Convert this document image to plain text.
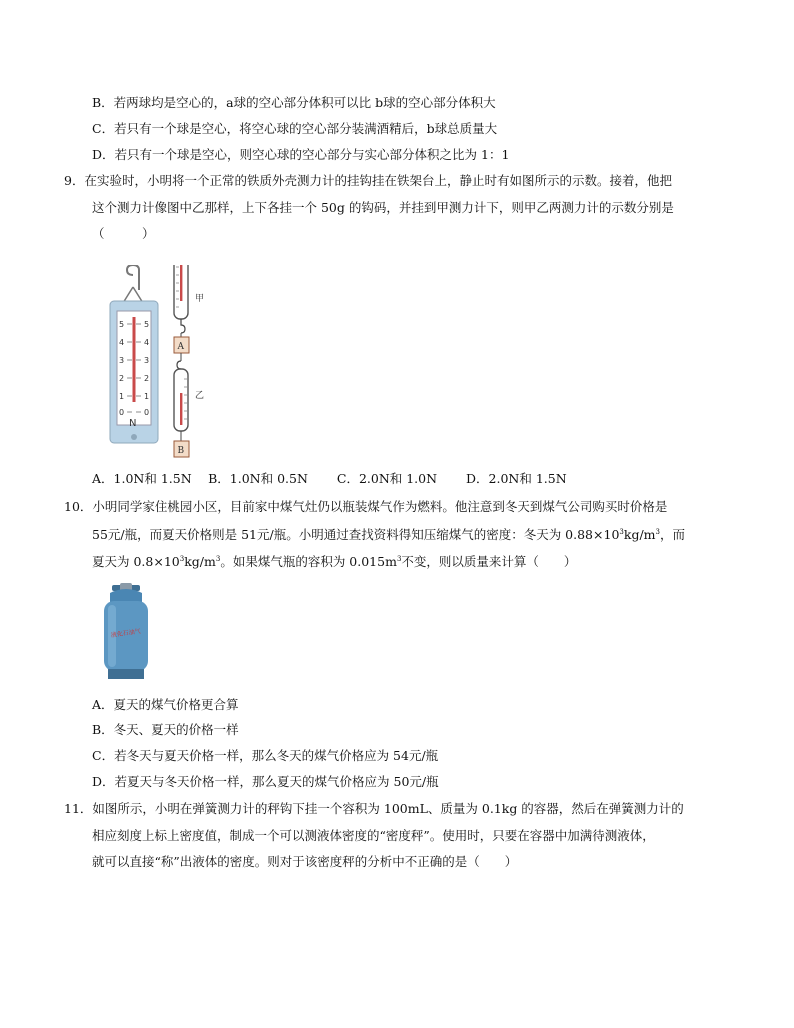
B．若两球均是空心的，a球的空心部分体积可以比 b球的空心部分体积大
C．若只有一个球是空心，将空心球的空心部分装满酒精后，b球总质量大
D．若只有一个球是空心，则空心球的空心部分与实心部分体积之比为 1：1
9．在实验时，小明将一个正常的铁质外壳测力计的挂钩挂在铁架台上，静止时有如图所示的示数。接着，他把
这个测力计像图中乙那样，上下各挂一个 50g 的钩码，并挂到甲测力计下，则甲乙两测力计的示数分别是
（　　　）
5
4
3
2
1
0
5
4
3
2
1
0
N
甲
A
乙
B
A．1.0N和 1.5N　 B．1.0N和 0.5N　　 C．2.0N和 1.0N　　 D．2.0N和 1.5N
10．小明同学家住桃园小区，目前家中煤气灶仍以瓶装煤气作为燃料。他注意到冬天到煤气公司购买时价格是
55元/瓶，而夏天价格则是 51元/瓶。小明通过查找资料得知压缩煤气的密度：冬天为 $0.88\times 10^3kg/m^3$，而
夏天为 $0.8\times 10^3kg/m^3$。如果煤气瓶的容积为 $0.015m^3$不变，则以质量来计算（　　）
液化石油气
A．夏天的煤气价格更合算
B．冬天、夏天的价格一样
C．若冬天与夏天价格一样，那么冬天的煤气价格应为 54元/瓶
D．若夏天与冬天价格一样，那么夏天的煤气价格应为 50元/瓶
11．如图所示，小明在弹簧测力计的秤钩下挂一个容积为 100mL、质量为 0.1kg 的容器，然后在弹簧测力计的
相应刻度上标上密度值，制成一个可以测液体密度的“密度秤”。使用时，只要在容器中加满待测液体，
就可以直接“称”出液体的密度。则对于该密度秤的分析中不正确的是（　　）
